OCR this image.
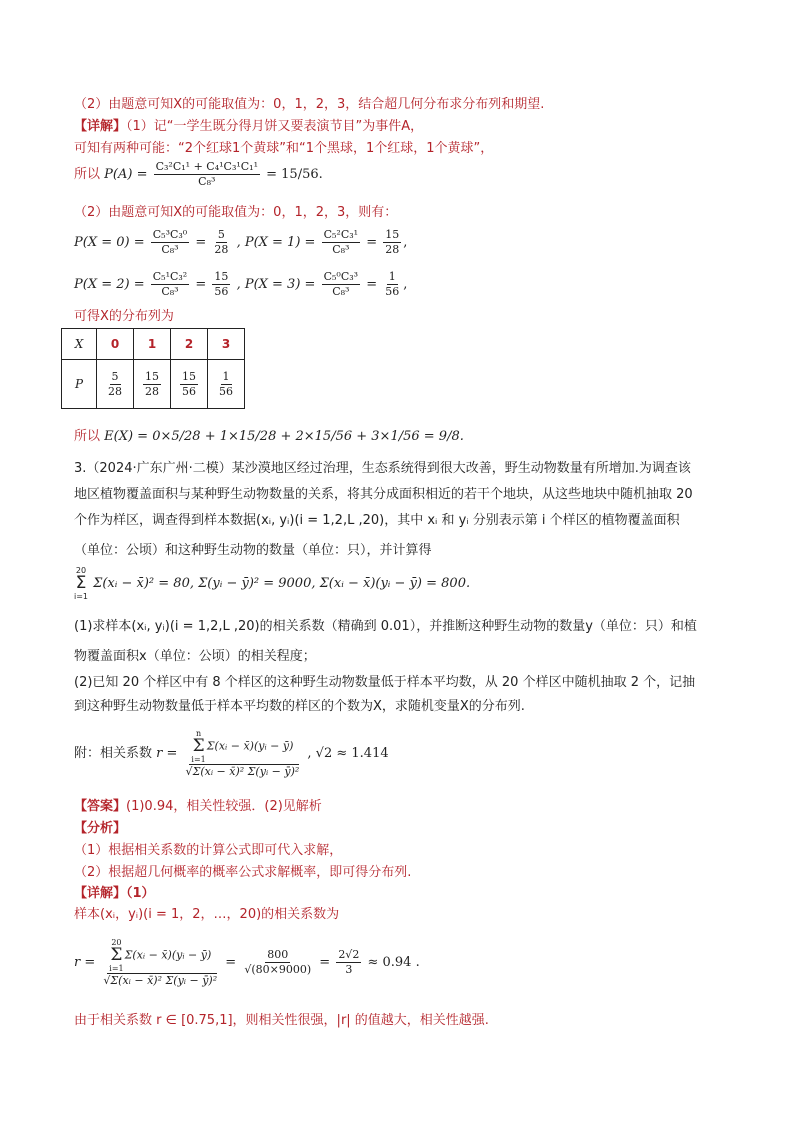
（2）由题意可知X的可能取值为：0，1，2，3，结合超几何分布求分布列和期望.
【详解】（1）记“一学生既分得月饼又要表演节目”为事件A，
可知有两种可能：“2个红球1个黄球”和“1个黑球，1个红球，1个黄球”，
所以 $P(A) = \frac{\text{C₃²C₁¹ + C₄¹C₃¹C₁¹}}{\text{C₈³}} = 15/56$.
（2）由题意可知X的可能取值为：0，1，2，3，则有：
$P(X = 0) = \frac{\text{C₅³C₃⁰}}{\text{C₈³}} = \frac{5}{28}$ , $P(X = 1) = \frac{\text{C₅²C₃¹}}{\text{C₈³}} = \frac{15}{28}$ ,
$P(X = 2) = \frac{\text{C₅¹C₃²}}{\text{C₈³}} = \frac{15}{56}$ , $P(X = 3) = \frac{\text{C₅⁰C₃³}}{\text{C₈³}} = \frac{1}{56}$ ,
可得X的分布列为
X	0	1	2	3
P	$\frac{5}{28}$	$\frac{15}{28}$	$\frac{15}{56}$	$\frac{1}{56}$
所以 E(X) = 0×5/28 + 1×15/28 + 2×15/56 + 3×1/56 = 9/8.
3.（2024·广东广州·二模）某沙漠地区经过治理，生态系统得到很大改善，野生动物数量有所增加.为调查该
地区植物覆盖面积与某种野生动物数量的关系，将其分成面积相近的若干个地块，从这些地块中随机抽取 20
个作为样区，调查得到样本数据(xᵢ, yᵢ)(i = 1,2,L ,20)，其中 xᵢ 和 yᵢ 分别表示第 i 个样区的植物覆盖面积
（单位：公顷）和这种野生动物的数量（单位：只），并计算得
20
Σ
i=1
Σ(xᵢ − x̄)² = 80, Σ(yᵢ − ȳ)² = 9000, Σ(xᵢ − x̄)(yᵢ − ȳ) = 800.
(1)求样本(xᵢ, yᵢ)(i = 1,2,L ,20)的相关系数（精确到 0.01），并推断这种野生动物的数量y（单位：只）和植
物覆盖面积x（单位：公顷）的相关程度；
(2)已知 20 个样区中有 8 个样区的这种野生动物数量低于样本平均数，从 20 个样区中随机抽取 2 个，记抽
到这种野生动物数量低于样本平均数的样区的个数为X，求随机变量X的分布列.
附：相关系数 r = n
Σ
i=1
Σ(xᵢ − x̄)(yᵢ − ȳ)
√Σ(xᵢ − x̄)² Σ(yᵢ − ȳ)² , √2 ≈ 1.414
【答案】(1)0.94，相关性较强．(2)见解析
【分析】
（1）根据相关系数的计算公式即可代入求解，
（2）根据超几何概率的概率公式求解概率，即可得分布列.
【详解】（1）
样本(xᵢ，yᵢ)(i = 1，2，…，20)的相关系数为
r = 20
Σ
i=1
Σ(xᵢ − x̄)(yᵢ − ȳ)
√Σ(xᵢ − x̄)² Σ(yᵢ − ȳ)² = $\frac{800}{√(80\times 9000)} = \frac{2√2}{3} \approx 0.94$ .
由于相关系数 r ∈ [0.75,1]，则相关性很强，|r| 的值越大，相关性越强.
